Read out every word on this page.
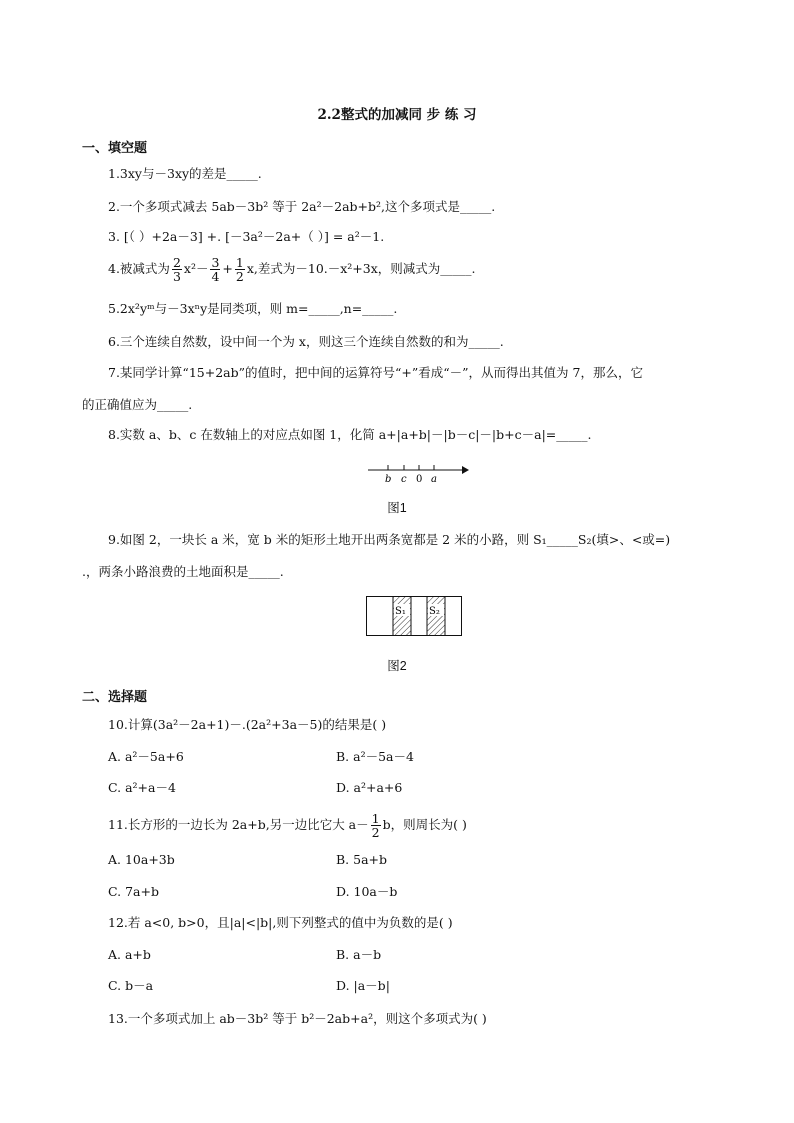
2.2整式的加减同 步 练 习
一、填空题
1.3xy与－3xy的差是_____.
2.一个多项式减去 5ab－3b² 等于 2a²－2ab+b²,这个多项式是_____.
3. [（ ）+2a－3] +. [－3a²－2a+（ ）] = a²－1.
4.被减式为 $\frac{2}{3} x^2- \frac{3}{4} + \frac{1}{2} x$,差式为－10.－x²+3x，则减式为_____.
5.2x²yᵐ与－3xⁿy是同类项，则 m=_____,n=_____.
6.三个连续自然数，设中间一个为 x，则这三个连续自然数的和为_____.
7.某同学计算“15+2ab”的值时，把中间的运算符号“+”看成“－”，从而得出其值为 7，那么，它
的正确值应为_____.
8.实数 a、b、c 在数轴上的对应点如图 1，化简 a+|a+b|－|b－c|－|b+c－a|=_____.
b c 0 a
图1
9.如图 2，一块长 a 米，宽 b 米的矩形土地开出两条宽都是 2 米的小路，则 S₁_____S₂(填>、<或=)
.，两条小路浪费的土地面积是_____.
S₁ S₂
图2
二、选择题
10.计算(3a²－2a+1)－.(2a²+3a－5)的结果是( )
A. a²－5a+6	B. a²－5a－4
C. a²+a－4	D. a²+a+6
11.长方形的一边长为 2a+b,另一边比它大 $a- \frac{1}{2}$ b，则周长为( )
A. 10a+3b	B. 5a+b
C. 7a+b	D. 10a－b
12.若 a<0, b>0，且|a|<|b|,则下列整式的值中为负数的是( )
A. a+b	B. a－b
C. b－a	D. |a－b|
13.一个多项式加上 ab－3b² 等于 b²－2ab+a²，则这个多项式为( )
